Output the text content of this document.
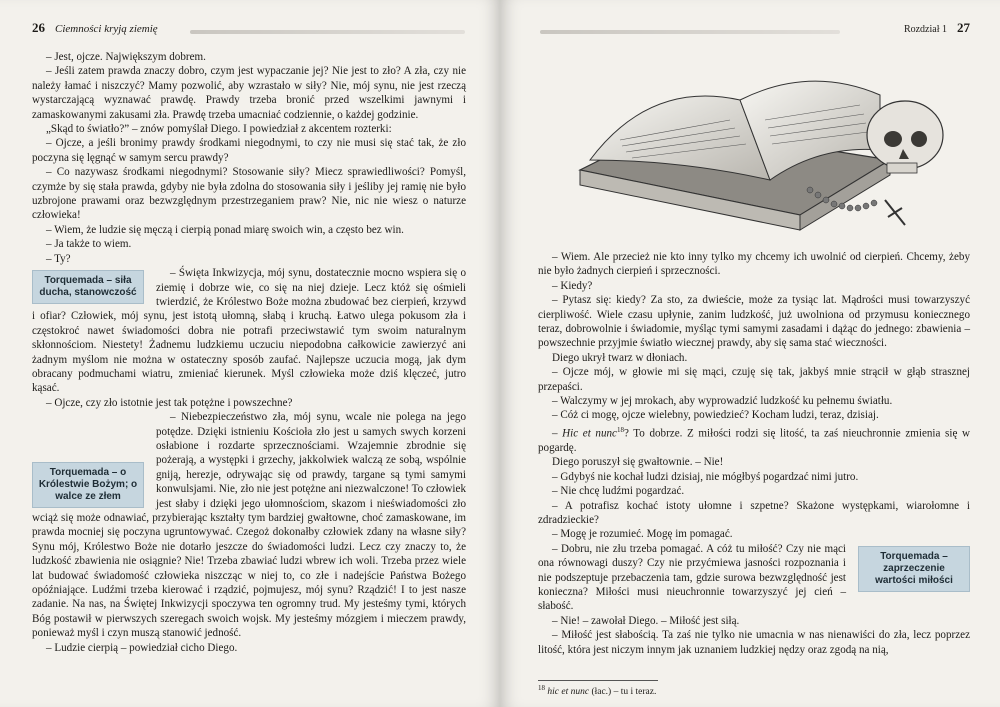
26 Ciemności kryją ziemię

– Jest, ojcze. Największym dobrem.

– Jeśli zatem prawda znaczy dobro, czym jest wypaczanie jej? Nie jest to zło? A zła, czy nie należy łamać i niszczyć? Mamy pozwolić, aby wzrastało w siły? Nie, mój synu, nie jest rzeczą wystarczającą wyznawać prawdę. Prawdy trzeba bronić przed wszelkimi jawnymi i zamaskowanymi zakusami zła. Prawdę trzeba umacniać codziennie, o każdej godzinie.

„Skąd to światło?” – znów pomyślał Diego. I powiedział z akcentem rozterki:

– Ojcze, a jeśli bronimy prawdy środkami niegodnymi, to czy nie musi się stać tak, że zło poczyna się lęgnąć w samym sercu prawdy?

– Co nazywasz środkami niegodnymi? Stosowanie siły? Miecz sprawiedliwości? Pomyśl, czymże by się stała prawda, gdyby nie była zdolna do stosowania siły i jeśliby jej ramię nie było uzbrojone prawami oraz bezwzględnym przestrzeganiem praw? Nie, nic nie wiesz o naturze człowieka!

– Wiem, że ludzie się męczą i cierpią ponad miarę swoich win, a często bez win.

– Ja także to wiem.

– Ty?

Torquemada – siła ducha, stanowczość

– Święta Inkwizycja, mój synu, dostatecznie mocno wspiera się o ziemię i dobrze wie, co się na niej dzieje. Lecz któż się ośmieli twierdzić, że Królestwo Boże można zbudować bez cierpień, krzywd i ofiar? Człowiek, mój synu, jest istotą ułomną, słabą i kruchą. Łatwo ulega pokusom zła i częstokroć nawet świadomości dobra nie potrafi przeciwstawić tym swoim naturalnym skłonnościom. Niestety! Żadnemu ludzkiemu uczuciu niepodobna całkowicie zawierzyć ani żadnym myślom nie można w ostateczny sposób zaufać. Najlepsze uczucia mogą, jak dym obracany podmuchami wiatru, zmieniać kierunek. Myśl człowieka może dziś klęczeć, jutro kąsać.

– Ojcze, czy zło istotnie jest tak potężne i powszechne?

Torquemada – o Królestwie Bożym; o walce ze złem

– Niebezpieczeństwo zła, mój synu, wcale nie polega na jego potędze. Dzięki istnieniu Kościoła zło jest u samych swych korzeni osłabione i rozdarte sprzecznościami. Wzajemnie zbrodnie się pożerają, a występki i grzechy, jakkolwiek walczą ze sobą, wspólnie gniją, herezje, odrywając się od prawdy, targane są tymi samymi konwulsjami. Nie, zło nie jest potężne ani niezwalczone! To człowiek jest słaby i dzięki jego ułomnościom, skazom i nieświadomości zło wciąż się może odnawiać, przybierając kształty tym bardziej gwałtowne, choć zamaskowane, im prawda mocniej się poczyna ugruntowywać. Czegoż dokonałby człowiek zdany na własne siły? Synu mój, Królestwo Boże nie dotarło jeszcze do świadomości ludzi. Lecz czy znaczy to, że ludzkość zbawienia nie osiągnie? Nie! Trzeba zbawiać ludzi wbrew ich woli. Trzeba przez wiele lat budować świadomość człowieka niszcząc w niej to, co złe i nadejście Państwa Bożego opóźniające. Ludźmi trzeba kierować i rządzić, pojmujesz, mój synu? Rządzić! I to jest nasze zadanie. Na nas, na Świętej Inkwizycji spoczywa ten ogromny trud. My jesteśmy tymi, których Bóg postawił w pierwszych szeregach swoich wojsk. My jesteśmy mózgiem i mieczem prawdy, ponieważ myśl i czyn muszą stanowić jedność.

– Ludzie cierpią – powiedział cicho Diego.

Rozdział 1 27

– Wiem. Ale przecież nie kto inny tylko my chcemy ich uwolnić od cierpień. Chcemy, żeby nie było żadnych cierpień i sprzeczności.

– Kiedy?

– Pytasz się: kiedy? Za sto, za dwieście, może za tysiąc lat. Mądrości musi towarzyszyć cierpliwość. Wiele czasu upłynie, zanim ludzkość, już uwolniona od przymusu koniecznego teraz, dobrowolnie i świadomie, myśląc tymi samymi zasadami i dążąc do jednego: zbawienia – powszechnie przyjmie światło wiecznej prawdy, aby się sama stać wieczności.

Diego ukrył twarz w dłoniach.

– Ojcze mój, w głowie mi się mąci, czuję się tak, jakbyś mnie strącił w głąb strasznej przepaści.

– Walczymy w jej mrokach, aby wyprowadzić ludzkość ku pełnemu światłu.

– Cóż ci mogę, ojcze wielebny, powiedzieć? Kocham ludzi, teraz, dzisiaj.

– Hic et nunc$^{18}$? To dobrze. Z miłości rodzi się litość, ta zaś nieuchronnie zmienia się w pogardę.

Diego poruszył się gwałtownie. – Nie!

– Gdybyś nie kochał ludzi dzisiaj, nie mógłbyś pogardzać nimi jutro.

– Nie chcę ludźmi pogardzać.

– A potrafisz kochać istoty ułomne i szpetne? Skażone występkami, wiarołomne i zdradzieckie?

– Mogę je rozumieć. Mogę im pomagać.

Torquemada – zaprzeczenie wartości miłości

– Dobru, nie złu trzeba pomagać. A cóż tu miłość? Czy nie mąci ona równowagi duszy? Czy nie przyćmiewa jasności rozpoznania i nie podszeptuje przebaczenia tam, gdzie surowa bezwzględność jest konieczna? Miłości musi nieuchronnie towarzyszyć jej cień – słabość.

– Nie! – zawołał Diego. – Miłość jest siłą.

– Miłość jest słabością. Ta zaś nie tylko nie umacnia w nas nienawiści do zła, lecz poprzez litość, która jest niczym innym jak uznaniem ludzkiej nędzy oraz zgodą na nią,

$^{18}$ hic et nunc (łac.) – tu i teraz.
